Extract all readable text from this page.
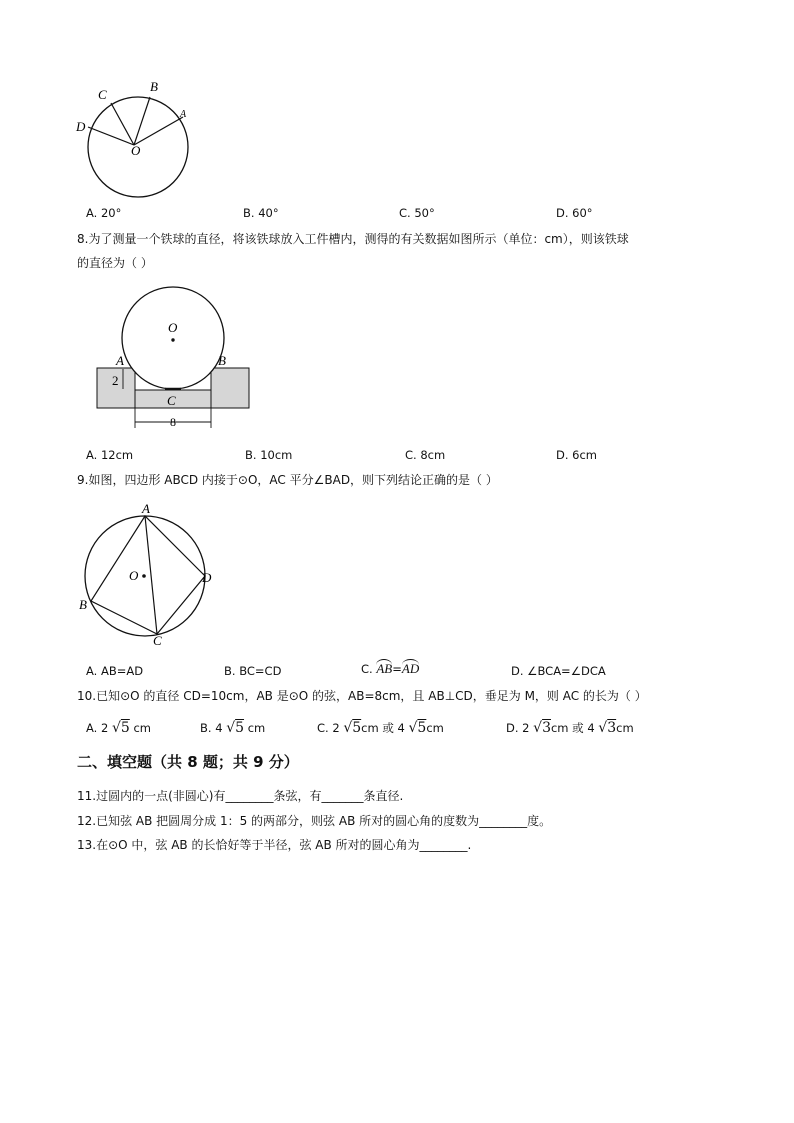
D
C
B
A
O
A. 20°	B. 40°	C. 50°	D. 60°
8.为了测量一个铁球的直径，将该铁球放入工件槽内，测得的有关数据如图所示（单位：cm），则该铁球
的直径为（ ）
O
A	B
C
2
8
A. 12cm	B. 10cm	C. 8cm	D. 6cm
9.如图，四边形 ABCD 内接于⊙O，AC 平分∠BAD，则下列结论正确的是（ ）
A
B
C
D
O
A. AB=AD	B. BC=CD	C. AB=AD	D. ∠BCA=∠DCA
10.已知⊙O 的直径 CD=10cm，AB 是⊙O 的弦，AB=8cm，且 AB⊥CD，垂足为 M，则 AC 的长为（ ）
A. 2 √5 cm	B. 4 √5 cm	C. 2 √5cm 或 4 √5cm	D. 2 √3cm 或 4 √3cm
二、填空题（共 8 题；共 9 分）
11.过圆内的一点(非圆心)有________条弦，有_______条直径.
12.已知弦 AB 把圆周分成 1：5 的两部分，则弦 AB 所对的圆心角的度数为________度。
13.在⊙O 中，弦 AB 的长恰好等于半径，弦 AB 所对的圆心角为________.
